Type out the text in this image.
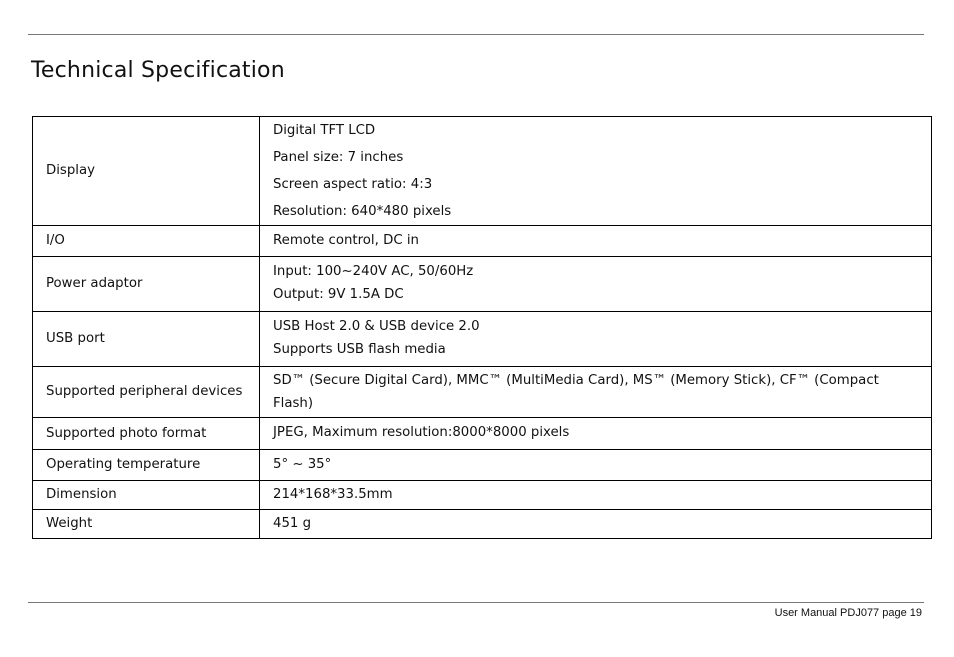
Technical Specification
Display	Digital TFT LCD
Panel size: 7 inches
Screen aspect ratio: 4:3
Resolution: 640*480 pixels

I/O	Remote control, DC in

Power adaptor	Input: 100~240V AC, 50/60Hz
Output: 9V 1.5A DC

USB port	USB Host 2.0 & USB device 2.0
Supports USB flash media

Supported peripheral devices	SD™ (Secure Digital Card), MMC™ (MultiMedia Card), MS™ (Memory Stick), CF™ (Compact Flash)

Supported photo format	JPEG, Maximum resolution:8000*8000 pixels

Operating temperature	5° ~ 35°

Dimension	214*168*33.5mm

Weight	451 g
User Manual PDJ077 page 19
